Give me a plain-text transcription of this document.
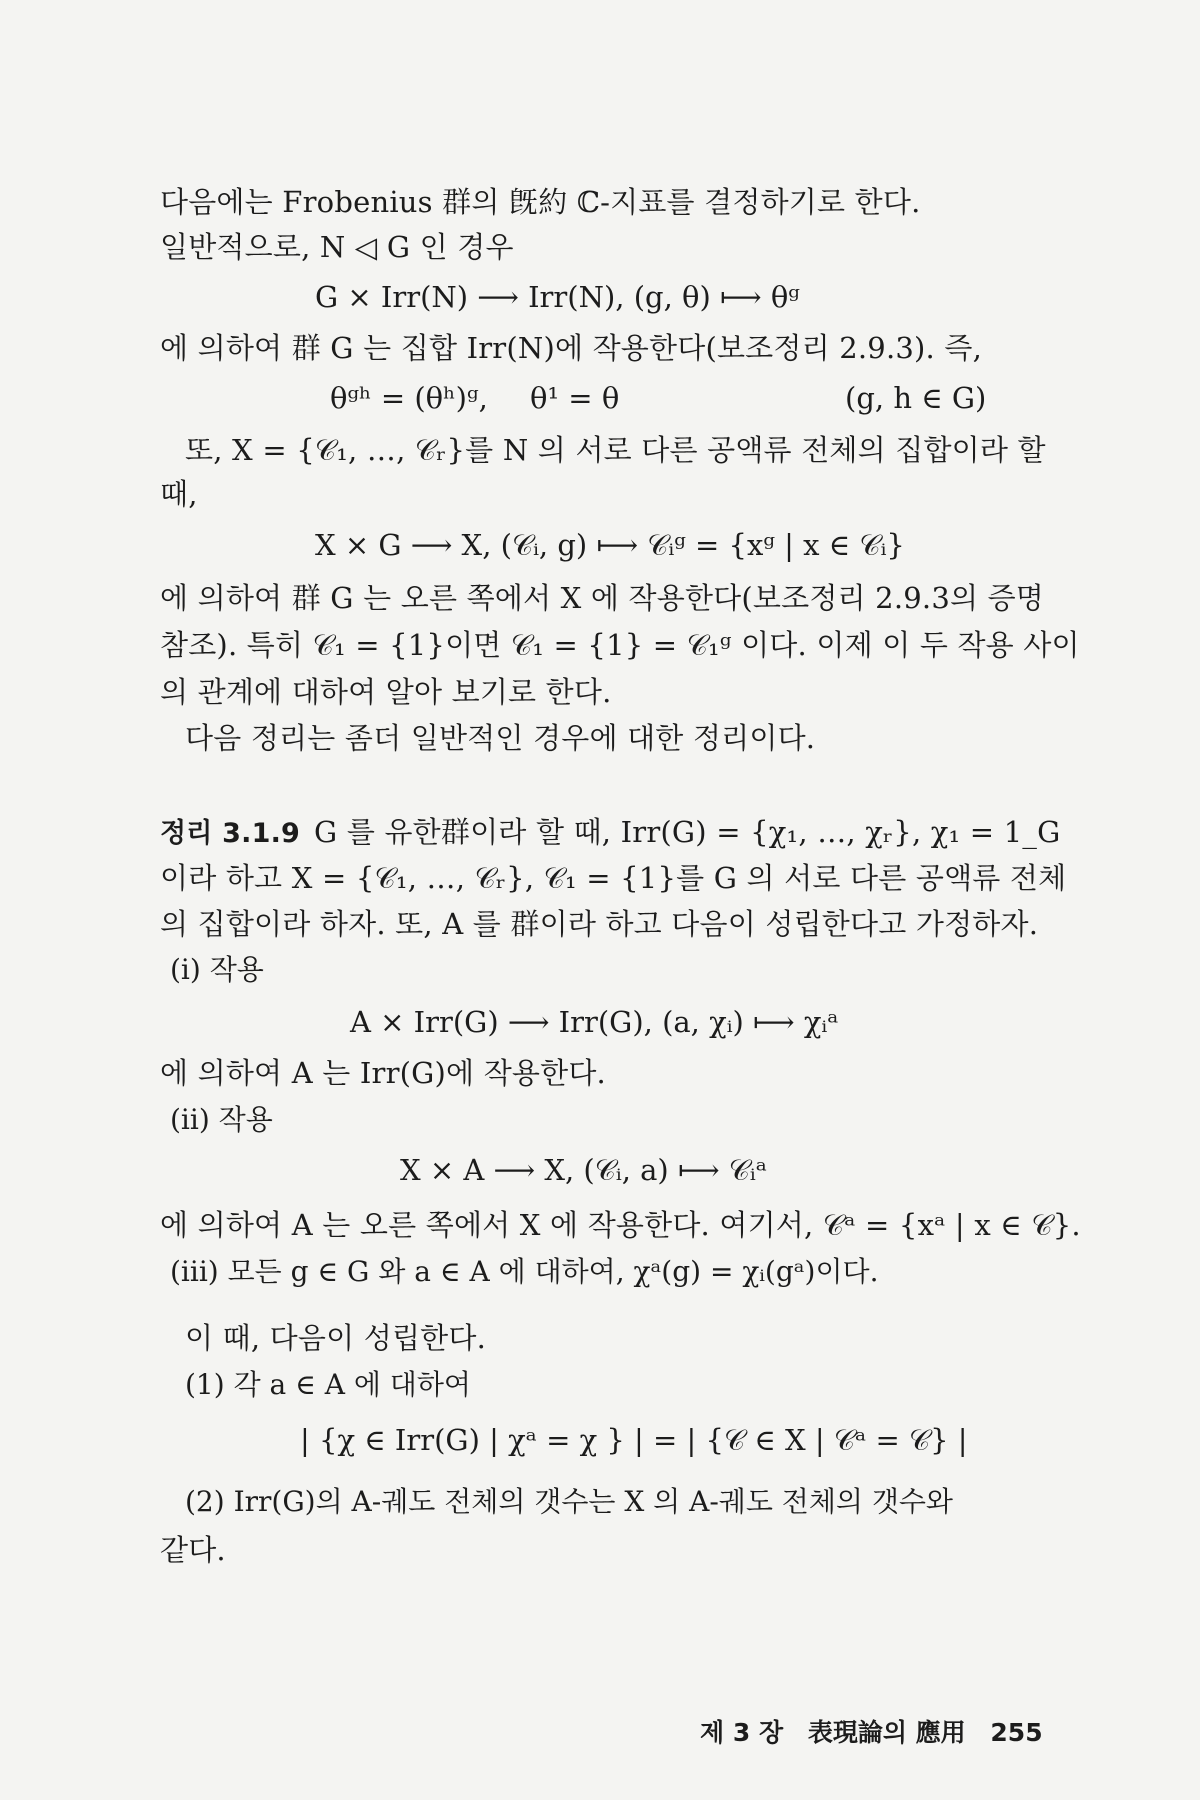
다음에는 Frobenius 群의 旣約 ℂ-지표를 결정하기로 한다.
일반적으로, N ◁ G 인 경우
G × Irr(N) ⟶ Irr(N), (g, θ) ⟼ θᵍ
에 의하여 群 G 는 집합 Irr(N)에 작용한다(보조정리 2.9.3). 즉,
θᵍʰ = (θʰ)ᵍ, θ¹ = θ	(g, h ∈ G)
또, X = {𝒞₁, …, 𝒞ᵣ}를 N 의 서로 다른 공액류 전체의 집합이라 할
때,
X × G ⟶ X, (𝒞ᵢ, g) ⟼ 𝒞ᵢᵍ = {xᵍ | x ∈ 𝒞ᵢ}
에 의하여 群 G 는 오른 쪽에서 X 에 작용한다(보조정리 2.9.3의 증명
참조). 특히 𝒞₁ = {1}이면 𝒞₁ = {1} = 𝒞₁ᵍ 이다. 이제 이 두 작용 사이
의 관계에 대하여 알아 보기로 한다.
다음 정리는 좀더 일반적인 경우에 대한 정리이다.
정리 3.1.9 G 를 유한群이라 할 때, Irr(G) = {χ₁, …, χᵣ}, χ₁ = 1_G
이라 하고 X = {𝒞₁, …, 𝒞ᵣ}, 𝒞₁ = {1}를 G 의 서로 다른 공액류 전체
의 집합이라 하자. 또, A 를 群이라 하고 다음이 성립한다고 가정하자.
(i) 작용
A × Irr(G) ⟶ Irr(G), (a, χᵢ) ⟼ χᵢᵃ
에 의하여 A 는 Irr(G)에 작용한다.
(ii) 작용
X × A ⟶ X, (𝒞ᵢ, a) ⟼ 𝒞ᵢᵃ
에 의하여 A 는 오른 쪽에서 X 에 작용한다. 여기서, 𝒞ᵃ = {xᵃ | x ∈ 𝒞}.
(iii) 모든 g ∈ G 와 a ∈ A 에 대하여, χᵃ(g) = χᵢ(gᵃ)이다.
이 때, 다음이 성립한다.
(1) 각 a ∈ A 에 대하여
| {χ ∈ Irr(G) | χᵃ = χ } | = | {𝒞 ∈ X | 𝒞ᵃ = 𝒞} |
(2) Irr(G)의 A-궤도 전체의 갯수는 X 의 A-궤도 전체의 갯수와
같다.
제 3 장 表現論의 應用 255
